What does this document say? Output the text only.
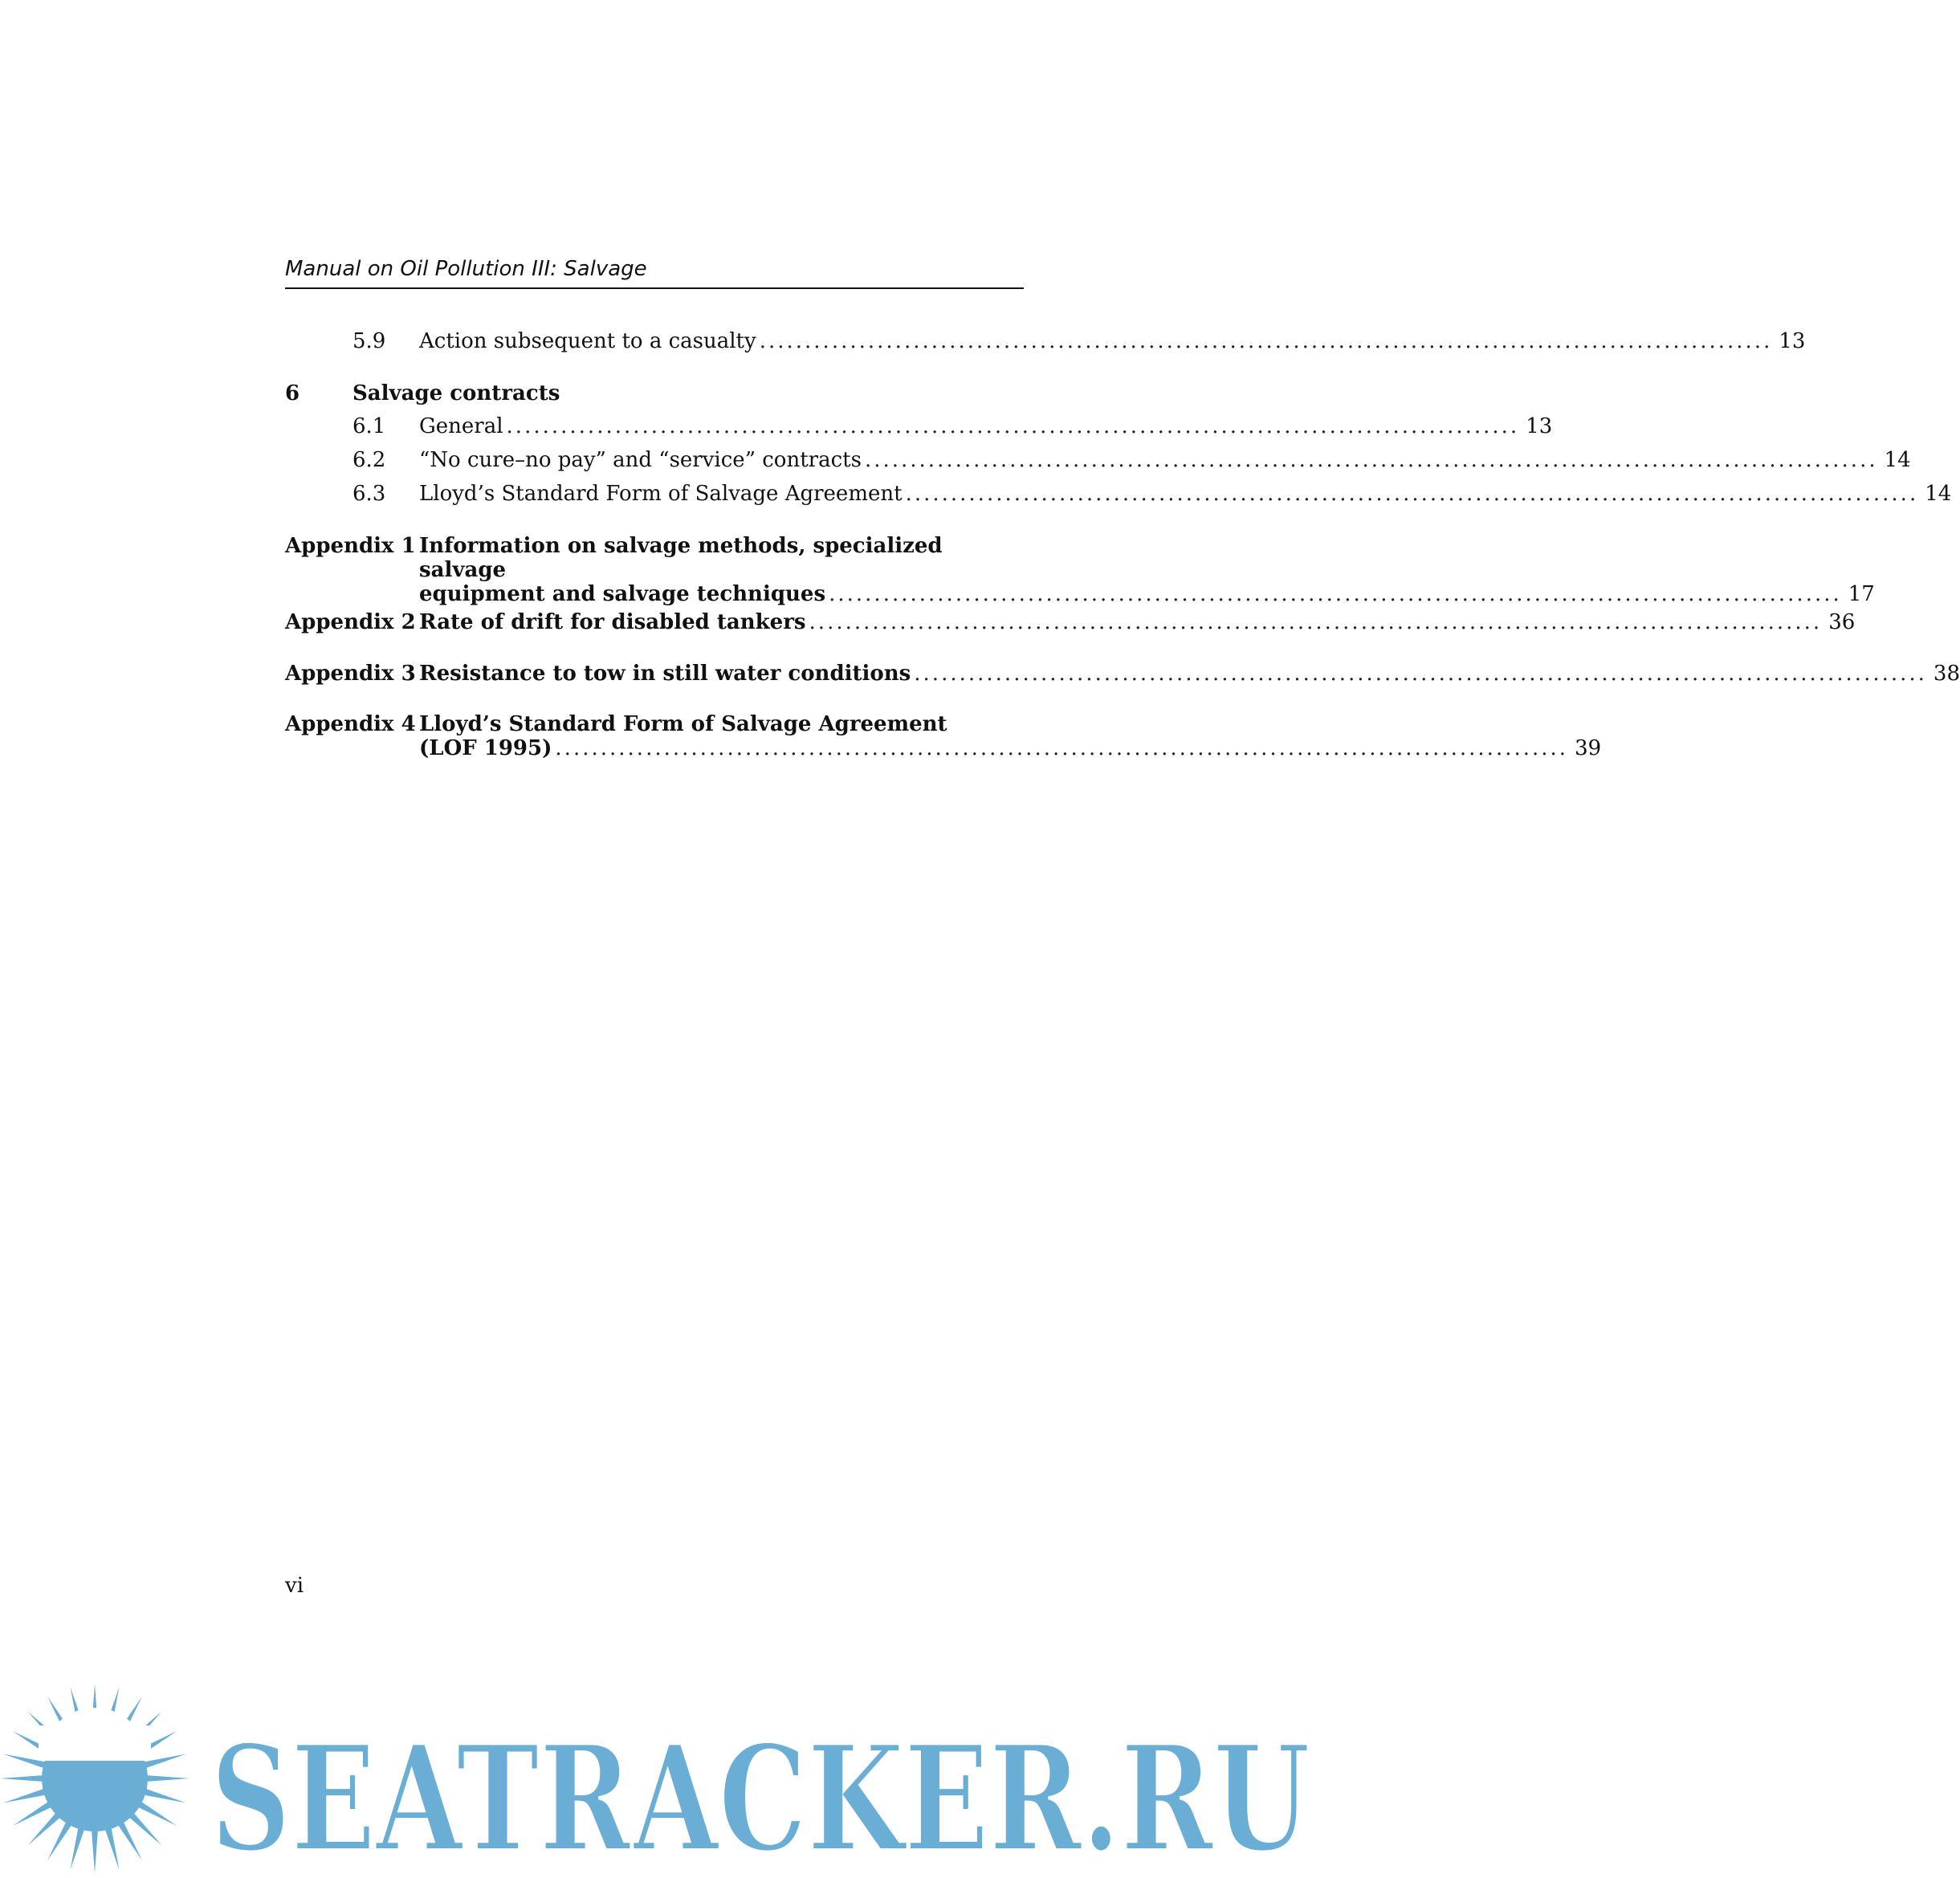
Manual on Oil Pollution III: Salvage
5.9 Action subsequent to a casualty ................................................................................................................ 13
6	Salvage contracts
6.1 General ................................................................................................................ 13
6.2 “No cure–no pay” and “service” contracts ................................................................................................................ 14
6.3 Lloyd’s Standard Form of Salvage Agreement ................................................................................................................ 14
Appendix 1 Information on salvage methods, specialized salvage
equipment and salvage techniques ................................................................................................................ 17
Appendix 2 Rate of drift for disabled tankers ................................................................................................................ 36
Appendix 3 Resistance to tow in still water conditions ................................................................................................................ 38
Appendix 4 Lloyd’s Standard Form of Salvage Agreement
(LOF 1995) ................................................................................................................ 39
vi
SEATRACKER.RU
